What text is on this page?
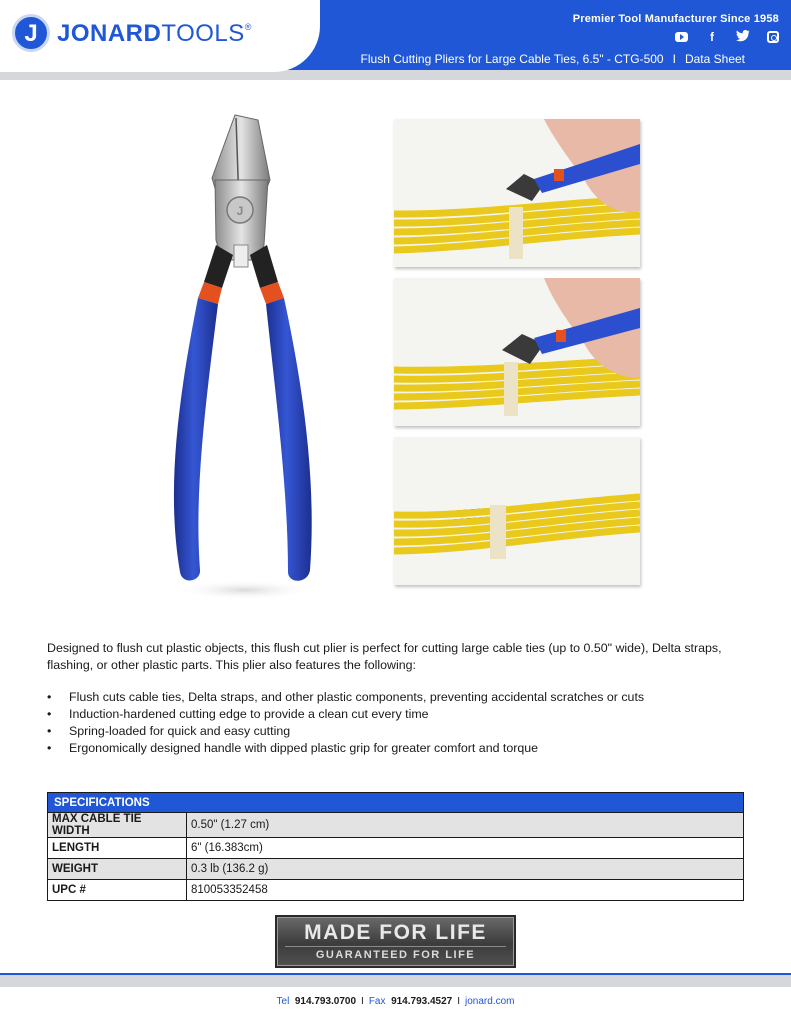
J JONARDTOOLS®
Premier Tool Manufacturer Since 1958
f
Flush Cutting Pliers for Large Cable Ties, 6.5" - CTG-500 I Data Sheet
J

Designed to flush cut plastic objects, this flush cut plier is perfect for cutting large cable ties (up to 0.50" wide), Delta straps, flashing, or other plastic parts. This plier also features the following:

• Flush cuts cable ties, Delta straps, and other plastic components, preventing accidental scratches or cuts
• Induction-hardened cutting edge to provide a clean cut every time
• Spring-loaded for quick and easy cutting
• Ergonomically designed handle with dipped plastic grip for greater comfort and torque
SPECIFICATIONS	
MAX CABLE TIE WIDTH	0.50" (1.27 cm)
LENGTH	6" (16.383cm)
WEIGHT	0.3 lb (136.2 g)
UPC #	810053352458
MADE FOR LIFE
GUARANTEED FOR LIFE
Tel 914.793.0700 I Fax 914.793.4527 I jonard.com
